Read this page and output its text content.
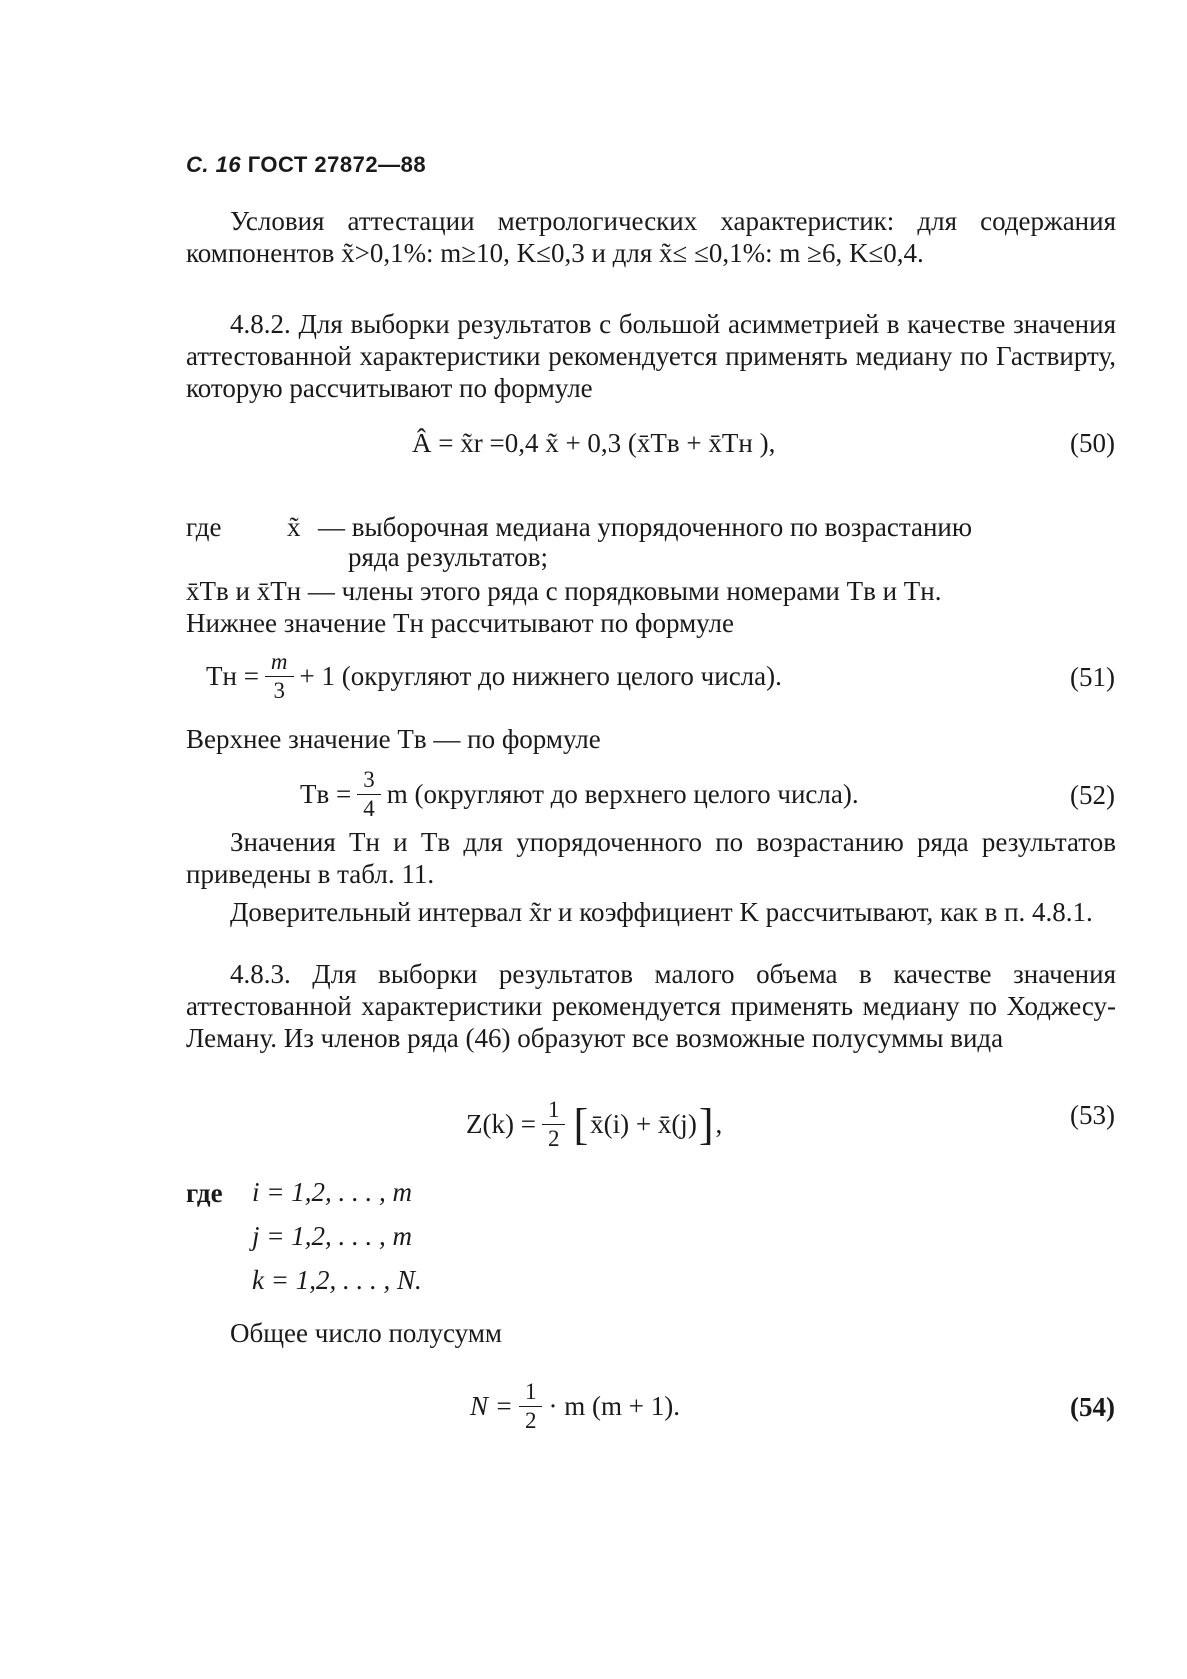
С. 16 ГОСТ 27872—88
Условия аттестации метрологических характеристик: для содержания компонентов x̃>0,1%: m≥10, K≤0,3 и для x̃≤ ≤0,1%: m ≥6, K≤0,4.
4.8.2. Для выборки результатов с большой асимметрией в качестве значения аттестованной характеристики рекомендуется применять медиану по Гаствирту, которую рассчитывают по формуле
Â = x̃r =0,4 x̃ + 0,3 (x̄Tв + x̄Tн ),	(50)
где x̃ — выборочная медиана упорядоченного по возрастанию
ряда результатов;
x̄Tв и x̄Tн — члены этого ряда с порядковыми номерами Tв и Tн.
Нижнее значение Tн рассчитывают по формуле
Tн = $\frac{m}{3} + 1$ (округляют до нижнего целого числа).	(51)
Верхнее значение Tв — по формуле
Tв = $\frac{3}{4}$ m (округляют до верхнего целого числа).	(52)
Значения Tн и Tв для упорядоченного по возрастанию ряда результатов приведены в табл. 11.
Доверительный интервал x̃r и коэффициент K рассчитывают, как в п. 4.8.1.
4.8.3. Для выборки результатов малого объема в качестве значения аттестованной характеристики рекомендуется применять медиану по Ходжесу-Леману. Из членов ряда (46) образуют все возможные полусуммы вида
$Z(k) = \frac{1}{2}$ [ x̄(i) + x̄(j) ] ,	(53)
где i = 1,2, . . . , m
j = 1,2, . . . , m
k = 1,2, . . . , N.
Общее число полусумм
$N = \frac{1}{2} \cdot m$ (m + 1).	(54)
